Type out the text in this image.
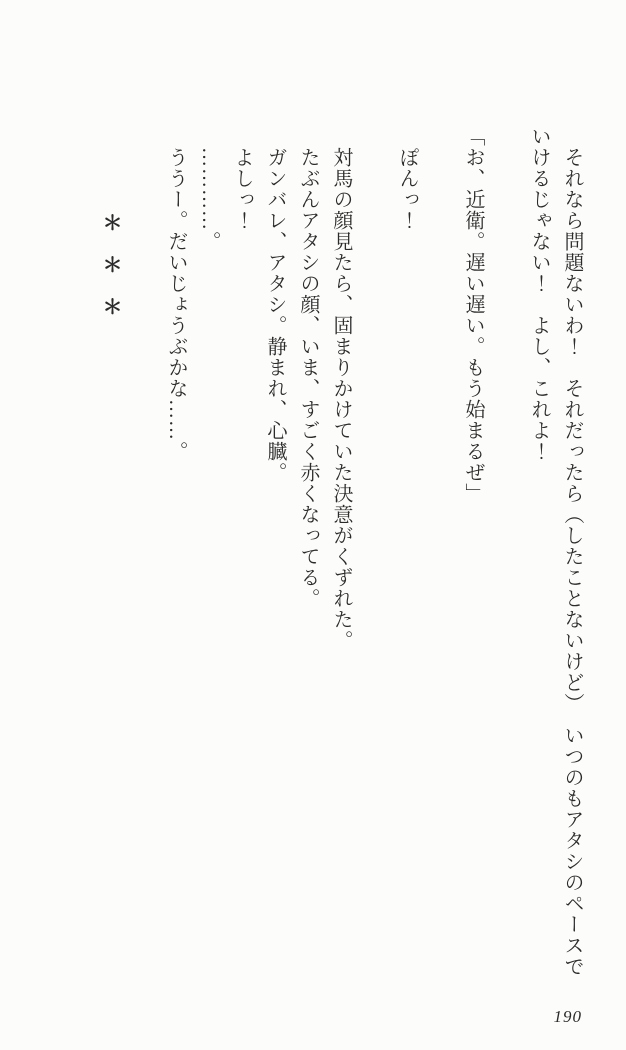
　それなら問題ないわ！　それだったら（したことないけど）　いつのもアタシのペースで

いけるじゃない！　よし、これよ！

「お、近衛。遅い遅い。もう始まるぜ」

　ぽんっ！

　対馬の顔見たら、固まりかけていた決意がくずれた。

　たぶんアタシの顔、いま、すごく赤くなってる。

　ガンバレ、アタシ。静まれ、心臓。

　よしっ！

　…………。

　ううー。だいじょうぶかな……。

＊＊＊

190
